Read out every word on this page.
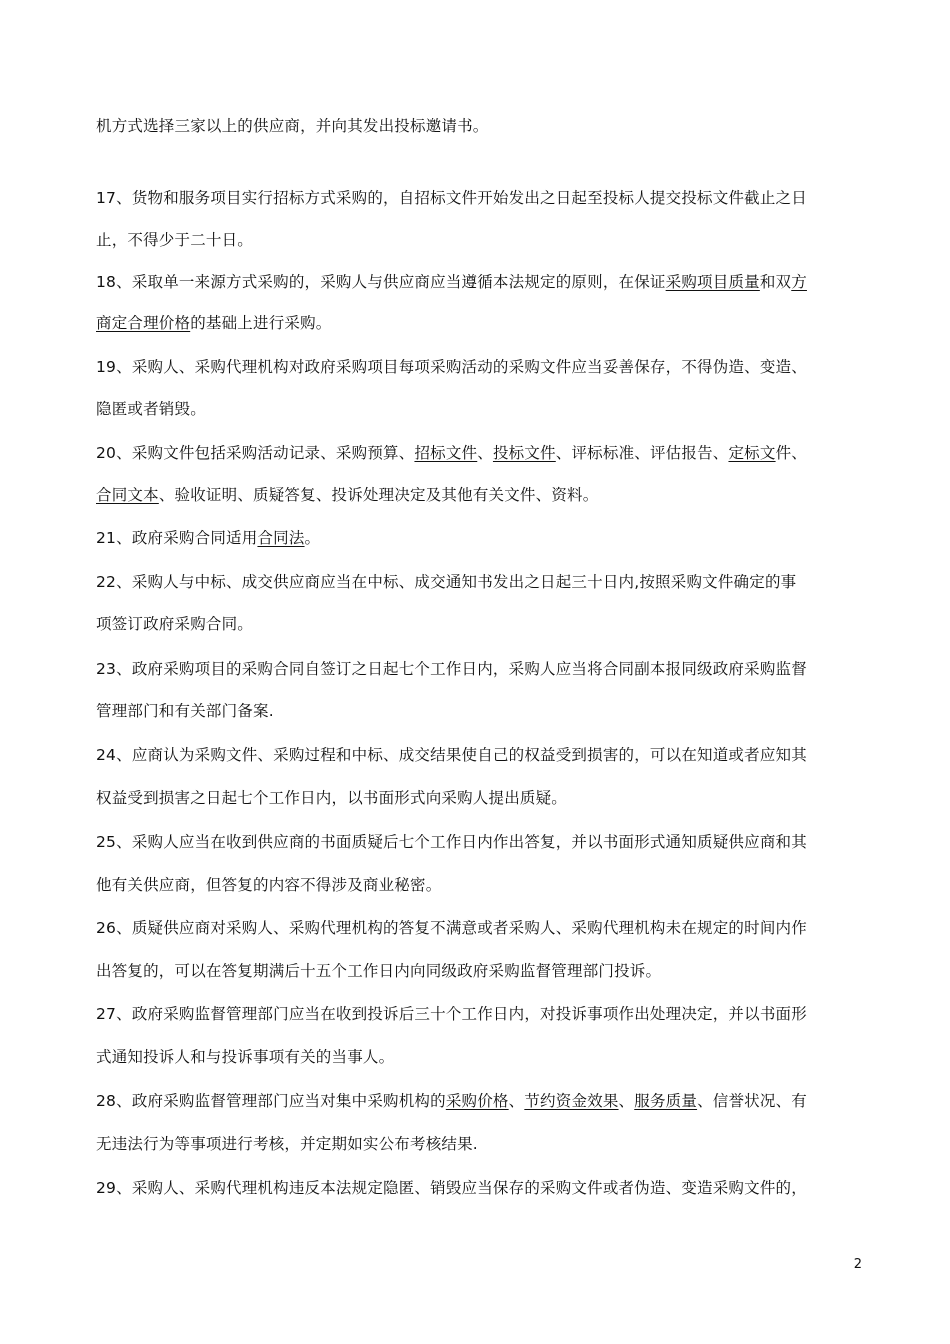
2
机方式选择三家以上的供应商，并向其发出投标邀请书。
17、货物和服务项目实行招标方式采购的，自招标文件开始发出之日起至投标人提交投标文件截止之日
止，不得少于二十日。
18、采取单一来源方式采购的，采购人与供应商应当遵循本法规定的原则，在保证采购项目质量和双方
商定合理价格的基础上进行采购。
19、采购人、采购代理机构对政府采购项目每项采购活动的采购文件应当妥善保存，不得伪造、变造、
隐匿或者销毁。
20、采购文件包括采购活动记录、采购预算、招标文件、投标文件、评标标准、评估报告、定标文件、
合同文本、验收证明、质疑答复、投诉处理决定及其他有关文件、资料。
21、政府采购合同适用合同法。
22、采购人与中标、成交供应商应当在中标、成交通知书发出之日起三十日内,按照采购文件确定的事
项签订政府采购合同。
23、政府采购项目的采购合同自签订之日起七个工作日内，采购人应当将合同副本报同级政府采购监督
管理部门和有关部门备案.
24、应商认为采购文件、采购过程和中标、成交结果使自己的权益受到损害的，可以在知道或者应知其
权益受到损害之日起七个工作日内，以书面形式向采购人提出质疑。
25、采购人应当在收到供应商的书面质疑后七个工作日内作出答复，并以书面形式通知质疑供应商和其
他有关供应商，但答复的内容不得涉及商业秘密。
26、质疑供应商对采购人、采购代理机构的答复不满意或者采购人、采购代理机构未在规定的时间内作
出答复的，可以在答复期满后十五个工作日内向同级政府采购监督管理部门投诉。
27、政府采购监督管理部门应当在收到投诉后三十个工作日内，对投诉事项作出处理决定，并以书面形
式通知投诉人和与投诉事项有关的当事人。
28、政府采购监督管理部门应当对集中采购机构的采购价格、节约资金效果、服务质量、信誉状况、有
无违法行为等事项进行考核，并定期如实公布考核结果.
29、采购人、采购代理机构违反本法规定隐匿、销毁应当保存的采购文件或者伪造、变造采购文件的，
